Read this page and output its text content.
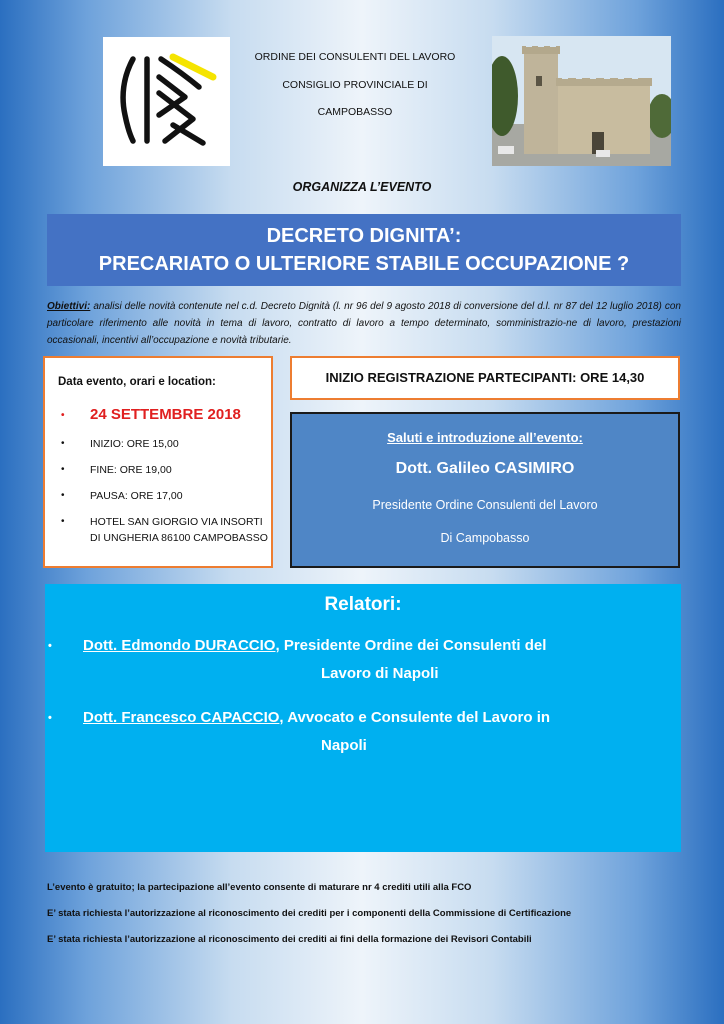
ORDINE DEI CONSULENTI DEL LAVORO
CONSIGLIO PROVINCIALE DI
CAMPOBASSO
ORGANIZZA L’EVENTO
DECRETO DIGNITA’:
PRECARIATO O ULTERIORE STABILE OCCUPAZIONE ?
Obiettivi: analisi delle novità contenute nel c.d. Decreto Dignità (l. nr 96 del 9 agosto 2018 di conversione del d.l. nr 87 del 12 luglio 2018) con particolare riferimento alle novità in tema di lavoro, contratto di lavoro a tempo determinato, somministrazio-ne di lavoro, prestazioni occasionali, incentivi all’occupazione e novità tributarie.
Data evento, orari e location:
• 24 SETTEMBRE 2018
• INIZIO: ORE 15,00
• FINE: ORE 19,00
• PAUSA: ORE 17,00
• HOTEL SAN GIORGIO VIA INSORTI DI UNGHERIA 86100 CAMPOBASSO
INIZIO REGISTRAZIONE PARTECIPANTI: ORE 14,30
Saluti e introduzione all’evento:
Dott. Galileo CASIMIRO
Presidente Ordine Consulenti del Lavoro
Di Campobasso
Relatori:
•	Dott. Edmondo DURACCIO, Presidente Ordine dei Consulenti del
Lavoro di Napoli
•	Dott. Francesco CAPACCIO, Avvocato e Consulente del Lavoro in
Napoli
L’evento è gratuito; la partecipazione all’evento consente di maturare nr 4 crediti utili alla FCO
E’ stata richiesta l’autorizzazione al riconoscimento dei crediti per i componenti della Commissione di Certificazione
E’ stata richiesta l’autorizzazione al riconoscimento dei crediti ai fini della formazione dei Revisori Contabili
